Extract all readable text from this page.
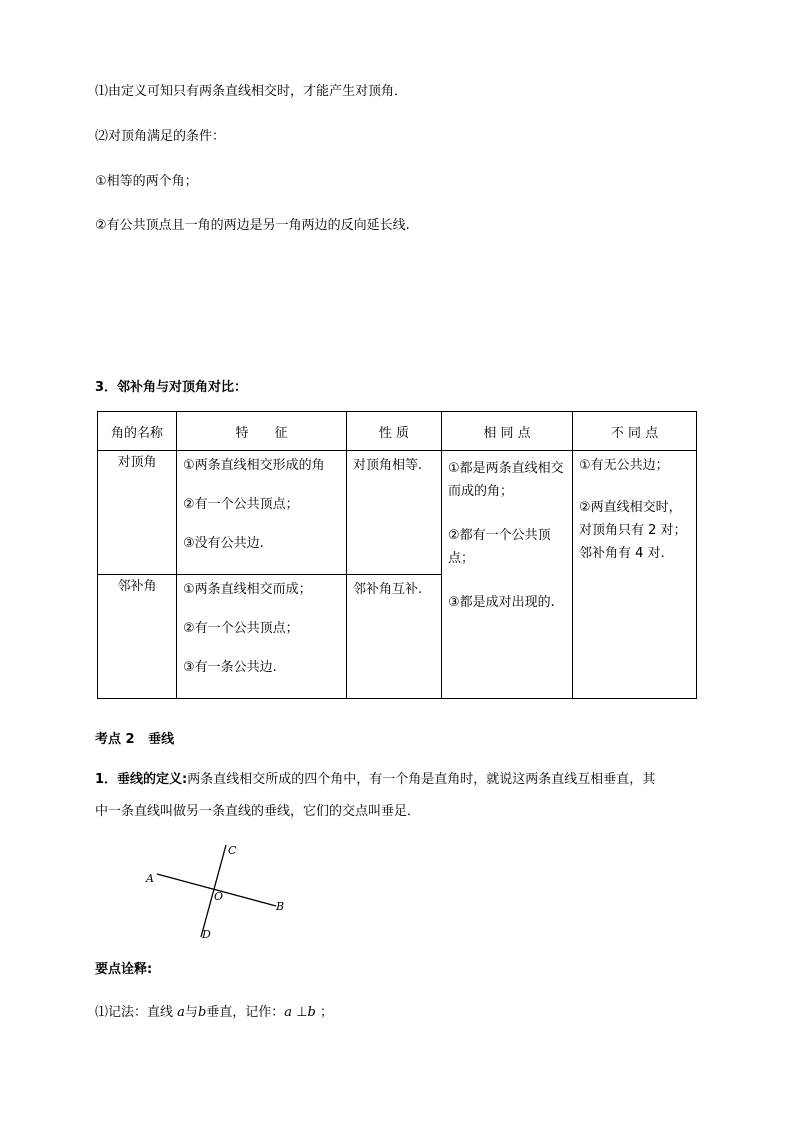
⑴由定义可知只有两条直线相交时，才能产生对顶角．
⑵对顶角满足的条件：
①相等的两个角；
②有公共顶点且一角的两边是另一角两边的反向延长线.
3．邻补角与对顶角对比：
角的名称	特　　征	性 质	相 同 点	不 同 点
对顶角	①两条直线相交形成的角
②有一个公共顶点；
③没有公共边.	对顶角相等.	①都是两条直线相交而成的角；
②都有一个公共顶点；
③都是成对出现的.	①有无公共边；
②两直线相交时，对顶角只有 2 对；邻补角有 4 对.

邻补角	①两条直线相交而成；
②有一个公共顶点；
③有一条公共边.	邻补角互补.		
考点 2 垂线
1．垂线的定义:两条直线相交所成的四个角中，有一个角是直角时，就说这两条直线互相垂直，其
中一条直线叫做另一条直线的垂线，它们的交点叫垂足．
A
B
C
D
O
要点诠释:
⑴记法：直线 a与b垂直，记作：a ⊥b ；
